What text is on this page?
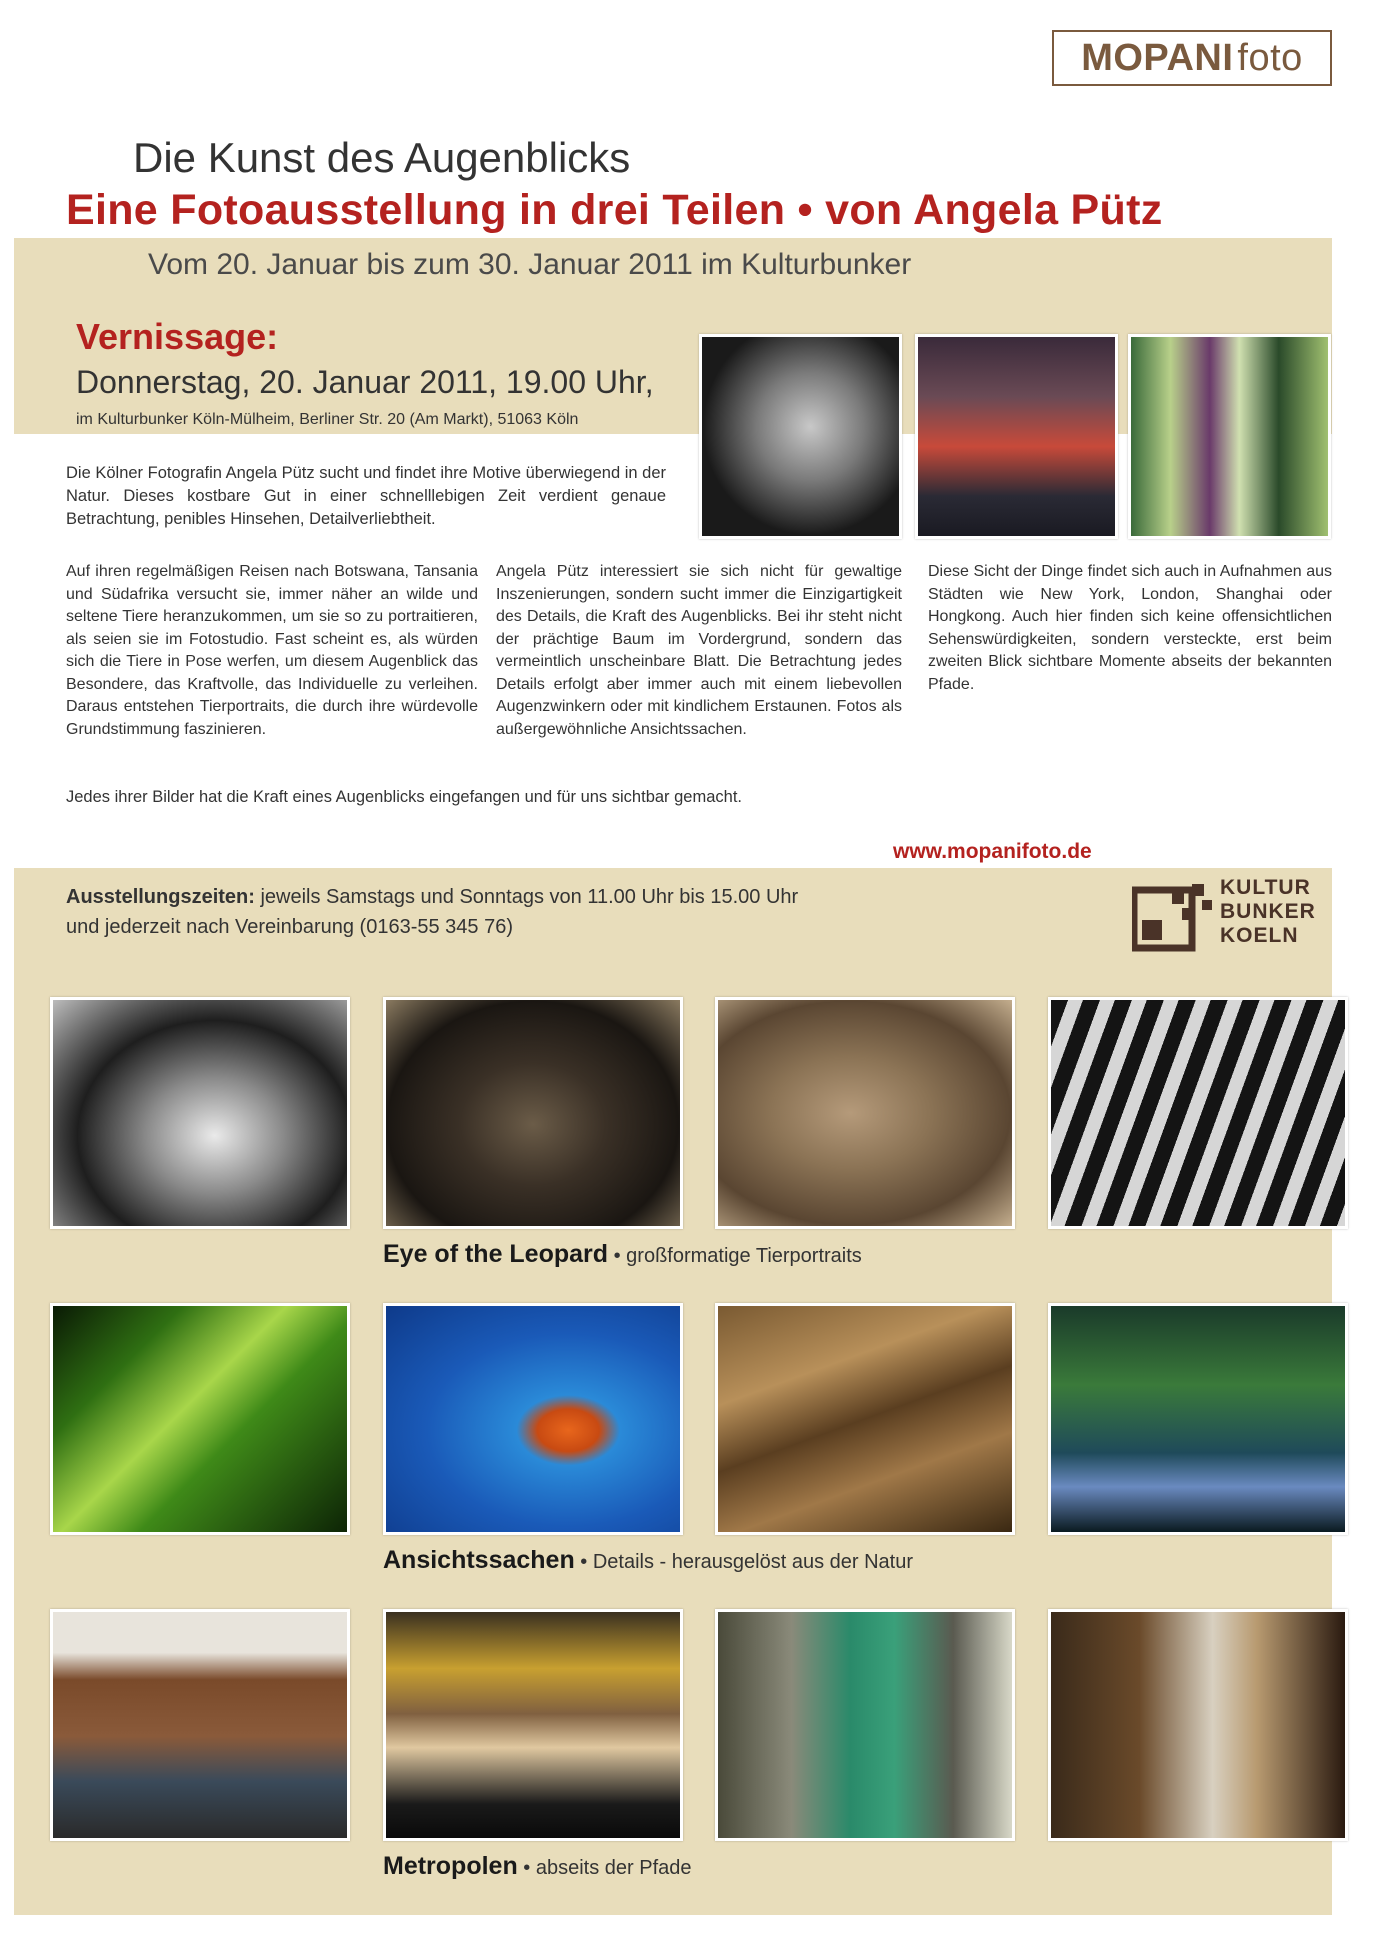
MOPANI foto
Die Kunst des Augenblicks
Eine Fotoausstellung in drei Teilen • von Angela Pütz
Vom 20. Januar bis zum 30. Januar 2011 im Kulturbunker
Vernissage:
Donnerstag, 20. Januar 2011, 19.00 Uhr,
im Kulturbunker Köln-Mülheim, Berliner Str. 20 (Am Markt), 51063 Köln
Die Kölner Fotografin Angela Pütz sucht und findet ihre Motive überwiegend in der Natur. Dieses kostbare Gut in einer schnelllebigen Zeit verdient genaue Betrachtung, penibles Hinsehen, Detailverliebtheit.
Auf ihren regelmäßigen Reisen nach Botswana, Tansania und Südafrika versucht sie, immer näher an wilde und seltene Tiere heranzukommen, um sie so zu portraitieren, als seien sie im Fotostudio. Fast scheint es, als würden sich die Tiere in Pose werfen, um diesem Augenblick das Besondere, das Kraftvolle, das Individuelle zu verleihen. Daraus entstehen Tierportraits, die durch ihre würdevolle Grundstimmung faszinieren.
Angela Pütz interessiert sie sich nicht für gewaltige Inszenierungen, sondern sucht immer die Einzigartigkeit des Details, die Kraft des Augenblicks. Bei ihr steht nicht der prächtige Baum im Vordergrund, sondern das vermeintlich unscheinbare Blatt. Die Betrachtung jedes Details erfolgt aber immer auch mit einem liebevollen Augenzwinkern oder mit kindlichem Erstaunen. Fotos als außergewöhnliche Ansichtssachen.
Diese Sicht der Dinge findet sich auch in Aufnahmen aus Städten wie New York, London, Shanghai oder Hongkong. Auch hier finden sich keine offensichtlichen Sehenswürdigkeiten, sondern versteckte, erst beim zweiten Blick sichtbare Momente abseits der bekannten Pfade.
Jedes ihrer Bilder hat die Kraft eines Augenblicks eingefangen und für uns sichtbar gemacht.
www.mopanifoto.de
Ausstellungszeiten: jeweils Samstags und Sonntags von 11.00 Uhr bis 15.00 Uhr
und jederzeit nach Vereinbarung (0163-55 345 76)
KULTUR
BUNKER
KOELN
Eye of the Leopard • großformatige Tierportraits
Ansichtssachen • Details - herausgelöst aus der Natur
Metropolen • abseits der Pfade
